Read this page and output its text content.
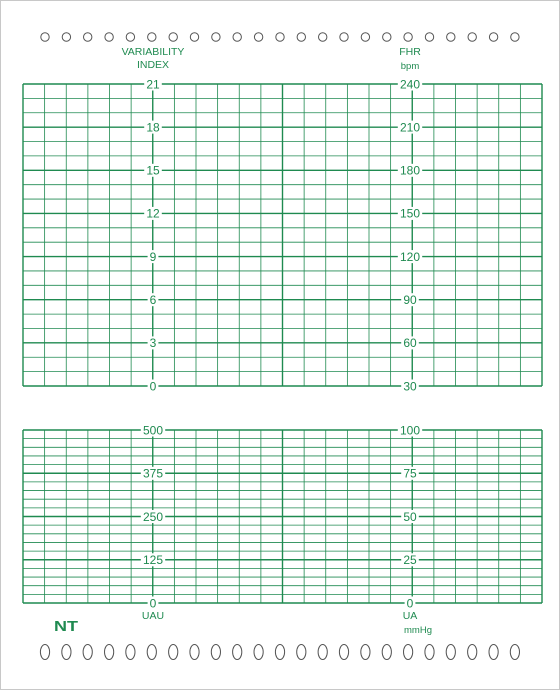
21
18
15
12
9
6
3
0
240
210
180
150
120
90
60
30
500
375
250
125
0
100
75
50
25
0
VARIABILITY
INDEX
FHR
bpm
UAU	UA
mmHg
NT
